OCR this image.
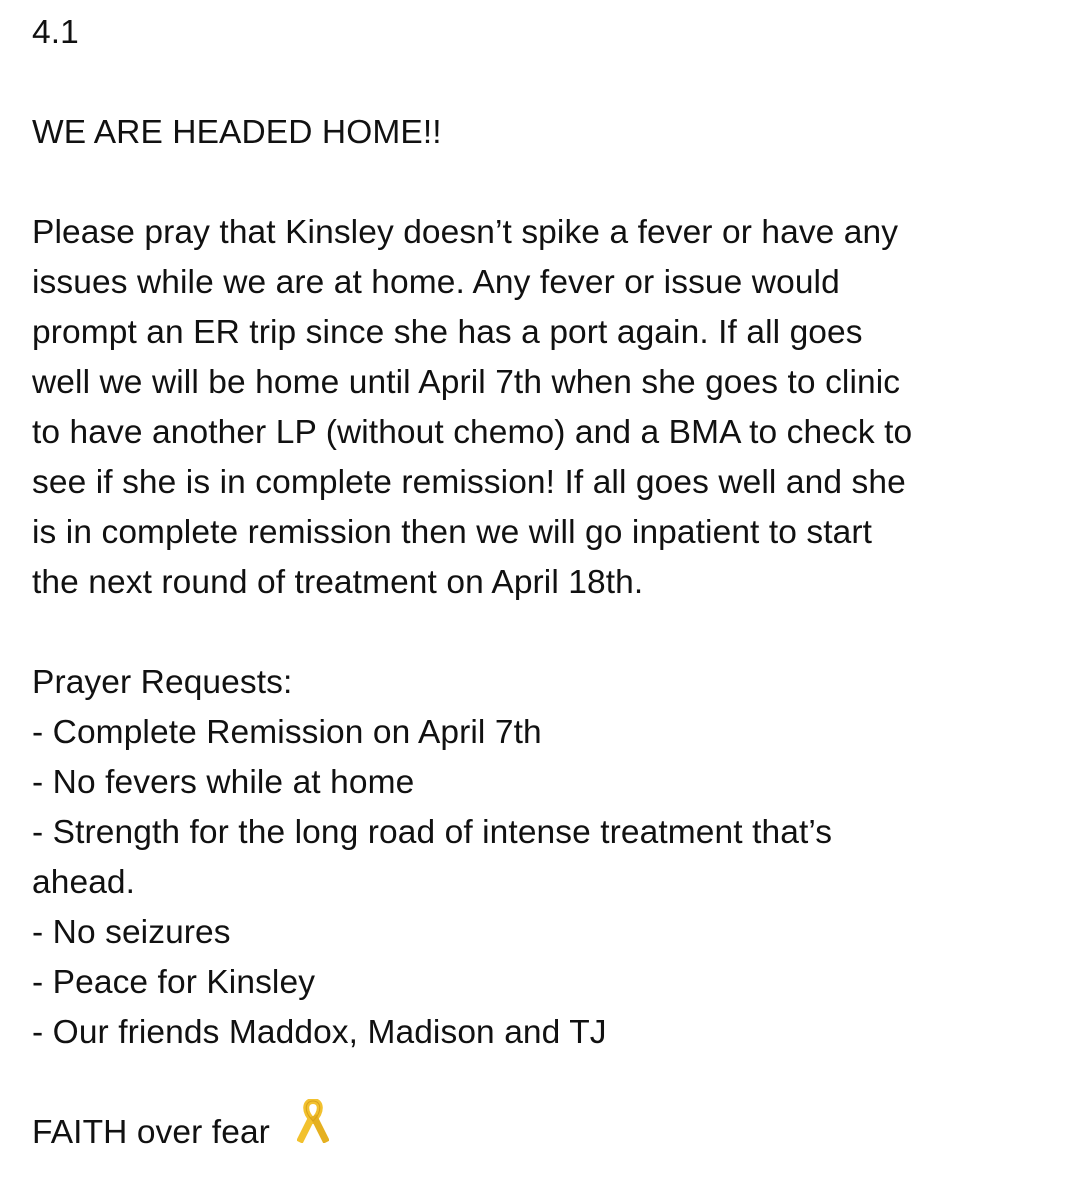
4.1
WE ARE HEADED HOME!!
Please pray that Kinsley doesn’t spike a fever or have any
issues while we are at home. Any fever or issue would
prompt an ER trip since she has a port again. If all goes
well we will be home until April 7th when she goes to clinic
to have another LP (without chemo) and a BMA to check to
see if she is in complete remission! If all goes well and she
is in complete remission then we will go inpatient to start
the next round of treatment on April 18th.
Prayer Requests:
- Complete Remission on April 7th
- No fevers while at home
- Strength for the long road of intense treatment that’s
ahead.
- No seizures
- Peace for Kinsley
- Our friends Maddox, Madison and TJ
FAITH over fear
